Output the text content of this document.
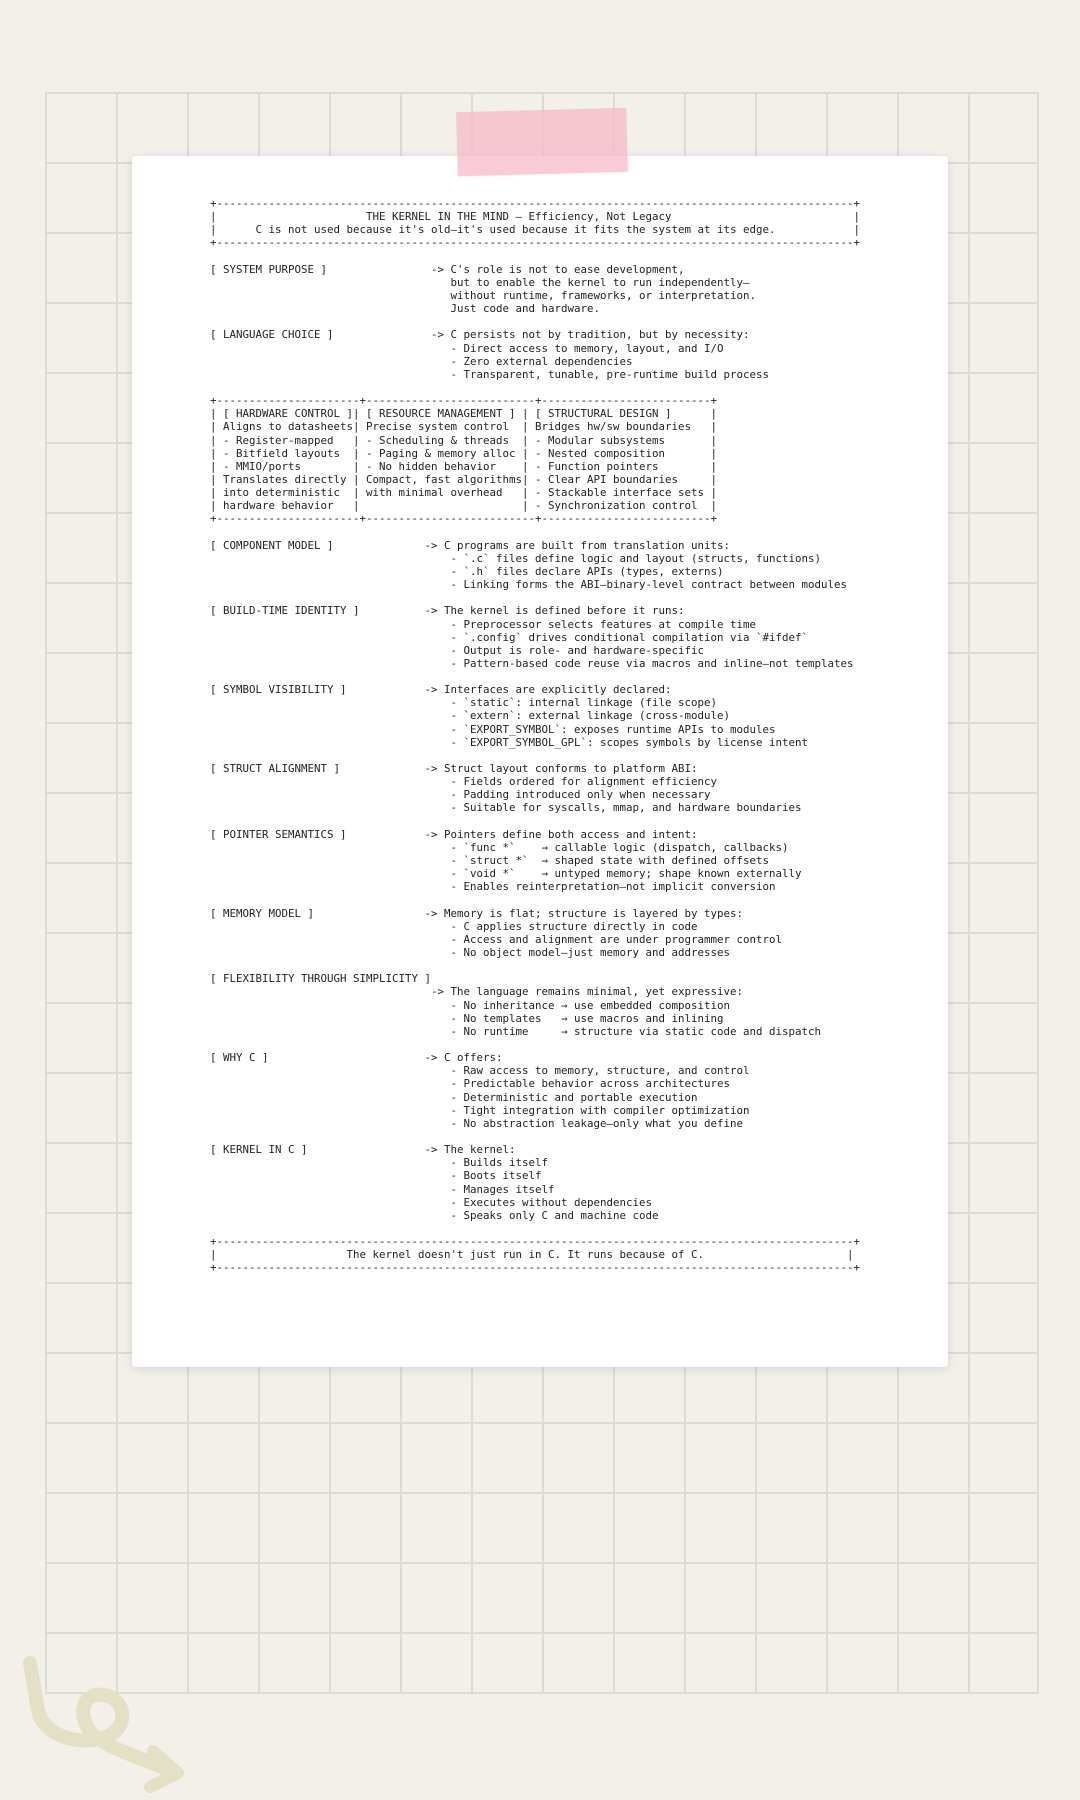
+--------------------------------------------------------------------------------------------------+
|                       THE KERNEL IN THE MIND — Efficiency, Not Legacy                            |
|      C is not used because it's old—it's used because it fits the system at its edge.            |
+--------------------------------------------------------------------------------------------------+
[ SYSTEM PURPOSE ]                -> C's role is not to ease development,
but to enable the kernel to run independently—
without runtime, frameworks, or interpretation.
Just code and hardware.
[ LANGUAGE CHOICE ]               -> C persists not by tradition, but by necessity:
- Direct access to memory, layout, and I/O
- Zero external dependencies
- Transparent, tunable, pre-runtime build process
+----------------------+--------------------------+--------------------------+
| [ HARDWARE CONTROL ]| [ RESOURCE MANAGEMENT ] | [ STRUCTURAL DESIGN ]      |
| Aligns to datasheets| Precise system control  | Bridges hw/sw boundaries   |
| - Register-mapped   | - Scheduling & threads  | - Modular subsystems       |
| - Bitfield layouts  | - Paging & memory alloc | - Nested composition       |
| - MMIO/ports        | - No hidden behavior    | - Function pointers        |
| Translates directly | Compact, fast algorithms| - Clear API boundaries     |
| into deterministic  | with minimal overhead   | - Stackable interface sets |
| hardware behavior   |                         | - Synchronization control  |
+----------------------+--------------------------+--------------------------+
[ COMPONENT MODEL ]              -> C programs are built from translation units:
- `.c` files define logic and layout (structs, functions)
- `.h` files declare APIs (types, externs)
- Linking forms the ABI—binary-level contract between modules
[ BUILD-TIME IDENTITY ]          -> The kernel is defined before it runs:
- Preprocessor selects features at compile time
- `.config` drives conditional compilation via `#ifdef`
- Output is role- and hardware-specific
- Pattern-based code reuse via macros and inline—not templates
[ SYMBOL VISIBILITY ]            -> Interfaces are explicitly declared:
- `static`: internal linkage (file scope)
- `extern`: external linkage (cross-module)
- `EXPORT_SYMBOL`: exposes runtime APIs to modules
- `EXPORT_SYMBOL_GPL`: scopes symbols by license intent
[ STRUCT ALIGNMENT ]             -> Struct layout conforms to platform ABI:
- Fields ordered for alignment efficiency
- Padding introduced only when necessary
- Suitable for syscalls, mmap, and hardware boundaries
[ POINTER SEMANTICS ]            -> Pointers define both access and intent:
- `func *`    → callable logic (dispatch, callbacks)
- `struct *`  → shaped state with defined offsets
- `void *`    → untyped memory; shape known externally
- Enables reinterpretation—not implicit conversion
[ MEMORY MODEL ]                 -> Memory is flat; structure is layered by types:
- C applies structure directly in code
- Access and alignment are under programmer control
- No object model—just memory and addresses
[ FLEXIBILITY THROUGH SIMPLICITY ]
-> The language remains minimal, yet expressive:
- No inheritance → use embedded composition
- No templates   → use macros and inlining
- No runtime     → structure via static code and dispatch
[ WHY C ]                        -> C offers:
- Raw access to memory, structure, and control
- Predictable behavior across architectures
- Deterministic and portable execution
- Tight integration with compiler optimization
- No abstraction leakage—only what you define
[ KERNEL IN C ]                  -> The kernel:
- Builds itself
- Boots itself
- Manages itself
- Executes without dependencies
- Speaks only C and machine code
+--------------------------------------------------------------------------------------------------+
|                    The kernel doesn't just run in C. It runs because of C.                      |
+--------------------------------------------------------------------------------------------------+
